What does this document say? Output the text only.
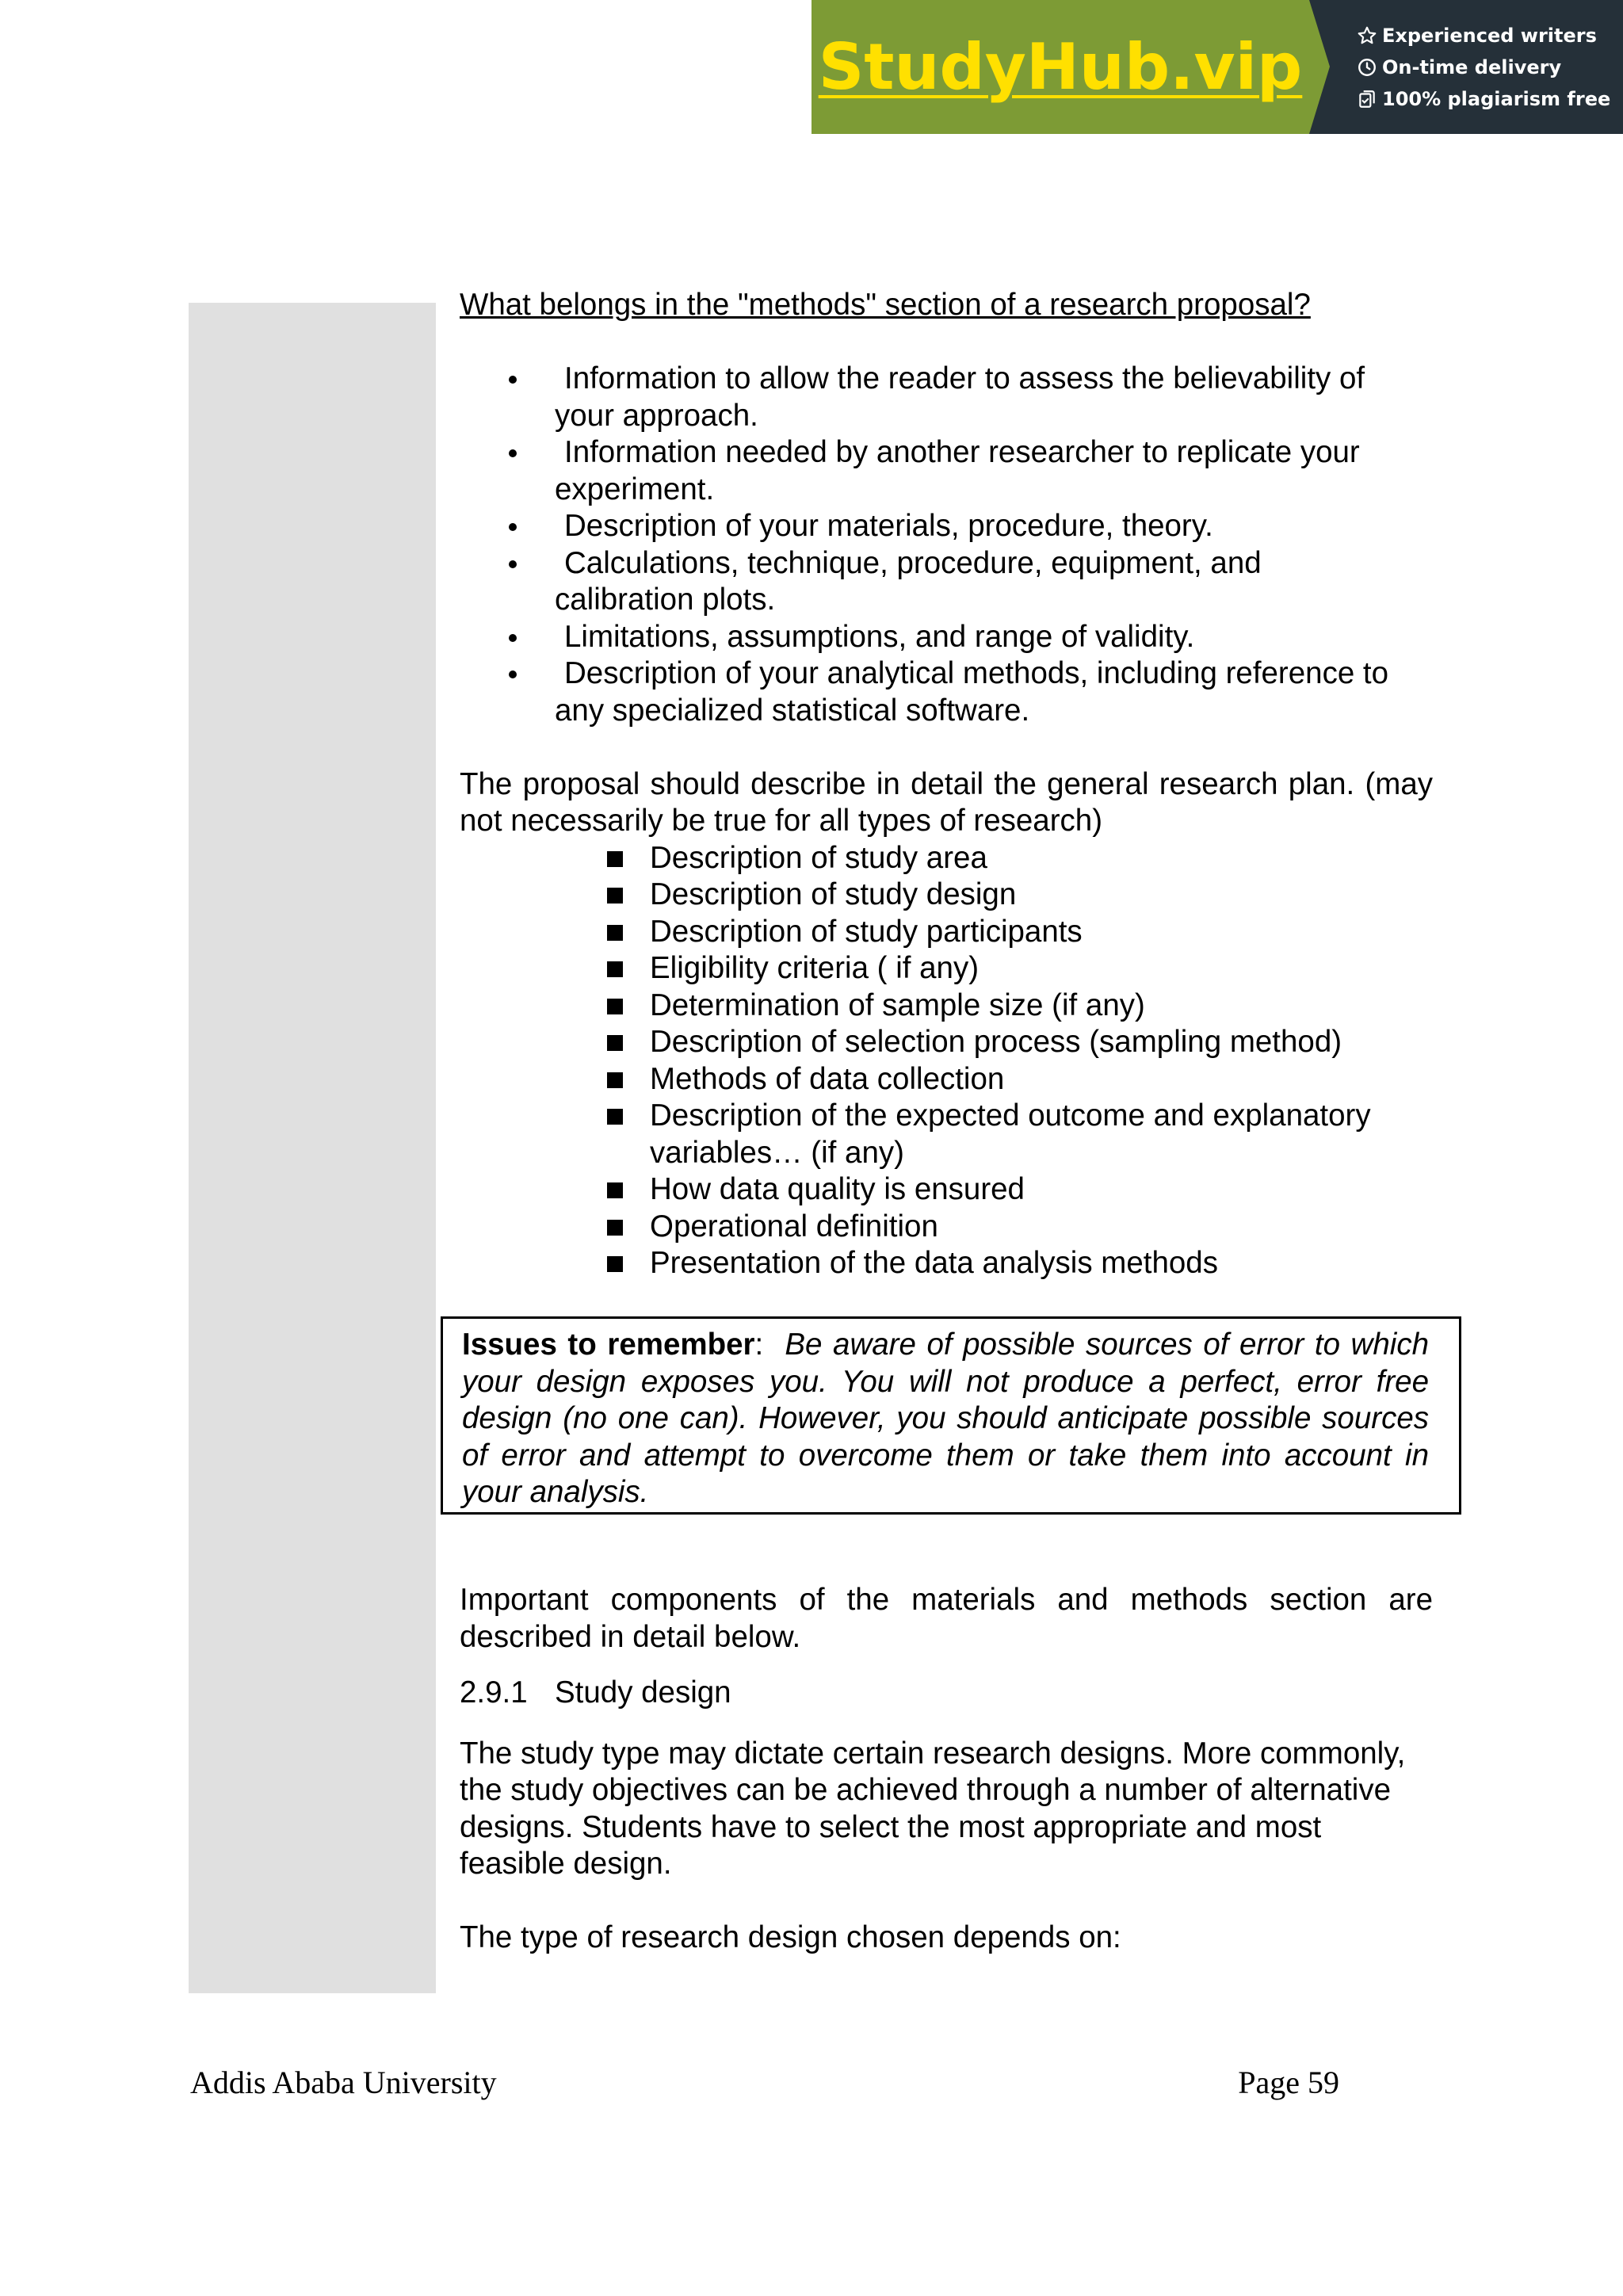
StudyHub.vip	Experienced writers
On-time delivery
100% plagiarism free

What belongs in the "methods" section of a research proposal?

Information to allow the reader to assess the believability of
your approach.
Information needed by another researcher to replicate your
experiment.
Description of your materials, procedure, theory.
Calculations, technique, procedure, equipment, and
calibration plots.
Limitations, assumptions, and range of validity.
Description of your analytical methods, including reference to
any specialized statistical software.

The proposal should describe in detail the general research plan. (may not necessarily be true for all types of research)

Description of study area
Description of study design
Description of study participants
Eligibility criteria ( if any)
Determination of sample size (if any)
Description of selection process (sampling method)
Methods of data collection
Description of the expected outcome and explanatory variables… (if any)
How data quality is ensured
Operational definition
Presentation of the data analysis methods
Issues to remember:  Be aware of possible sources of error to which your design exposes you. You will not produce a perfect, error free design (no one can). However, you should anticipate possible sources of error and attempt to overcome them or take them into account in your analysis.

Important components of the materials and methods section are described in detail below.

2.9.1 Study design

The study type may dictate certain research designs. More commonly, the study objectives can be achieved through a number of alternative designs. Students have to select the most appropriate and most feasible design.

The type of research design chosen depends on:

Addis Ababa University	Page 59
